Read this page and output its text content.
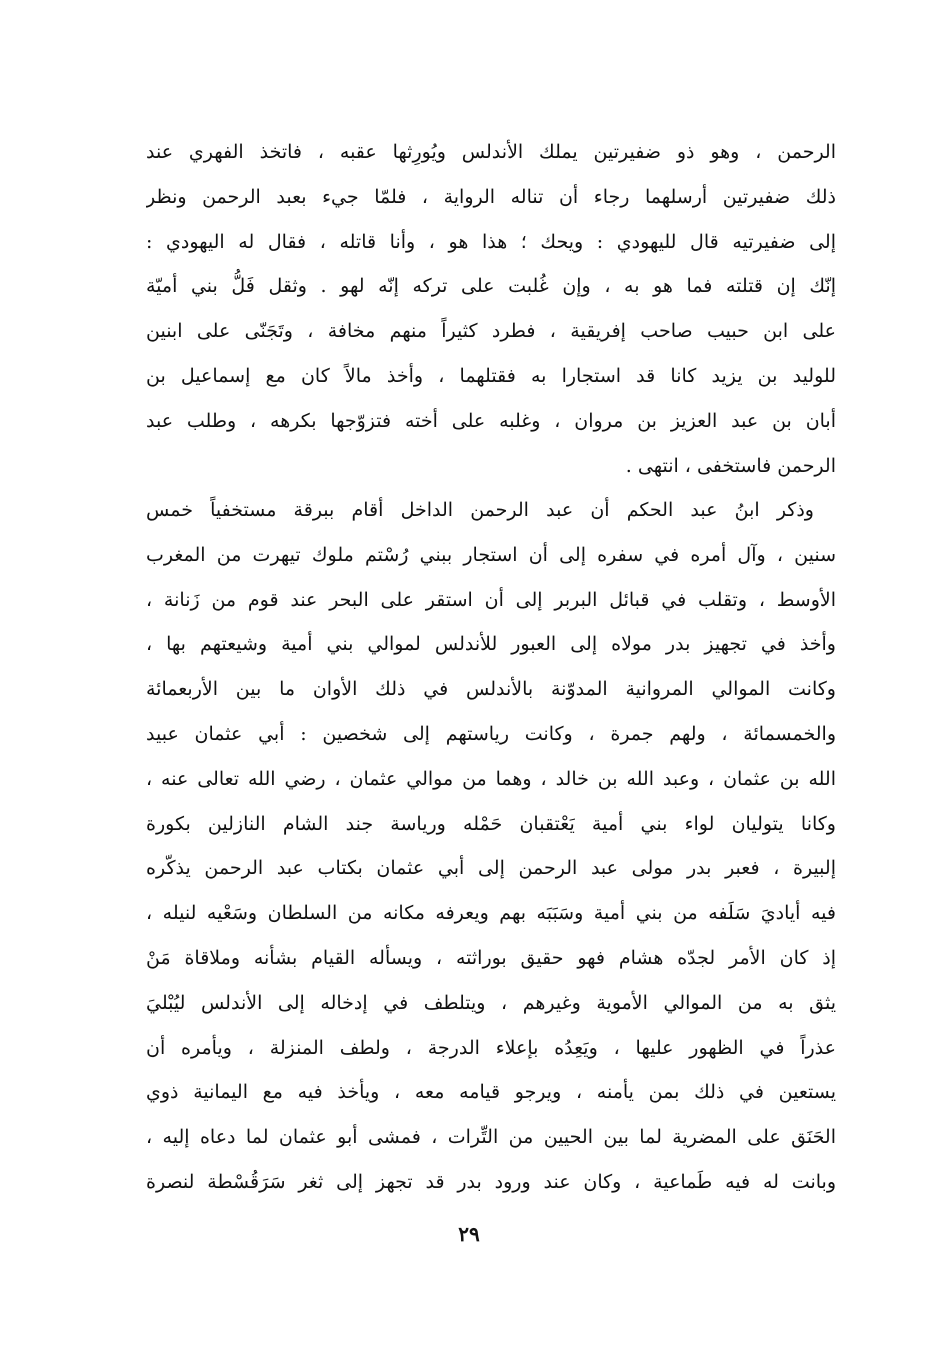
الرحمن ، وهو ذو ضفيرتين يملك الأندلس ويُورِثها عقبه ، فاتخذ الفهري عند
ذلك ضفيرتين أرسلهما رجاء أن تناله الرواية ، فلمّا جيء بعبد الرحمن ونظر
إلى ضفيرتيه قال لليهودي : ويحك ؛ هذا هو ، وأنا قاتله ، فقال له اليهودي :
إنّك إن قتلته فما هو به ، وإن غُلبت على تركه إنّه لهو . وثقل فَلُّ بني أميّة
على ابن حبيب صاحب إفريقية ، فطرد كثيراً منهم مخافة ، وتَجَنّى على ابنين
للوليد بن يزيد كانا قد استجارا به فقتلهما ، وأخذ مالاً كان مع إسماعيل بن
أبان بن عبد العزيز بن مروان ، وغلبه على أخته فتزوّجها بكرهه ، وطلب عبد
الرحمن فاستخفى ، انتهى .
وذكر ابنُ عبد الحكم أن عبد الرحمن الداخل أقام ببرقة مستخفياً خمس
سنين ، وآل أمره في سفره إلى أن استجار ببني رُسْتم ملوك تيهرت من المغرب
الأوسط ، وتقلب في قبائل البربر إلى أن استقر على البحر عند قوم من زَنانة ،
وأخذ في تجهيز بدر مولاه إلى العبور للأندلس لموالي بني أمية وشيعتهم بها ،
وكانت الموالي المروانية المدوّنة بالأندلس في ذلك الأوان ما بين الأربعمائة
والخمسمائة ، ولهم جمرة ، وكانت رياستهم إلى شخصين : أبي عثمان عبيد
الله بن عثمان ، وعبد الله بن خالد ، وهما من موالي عثمان ، رضي الله تعالى عنه ،
وكانا يتوليان لواء بني أمية يَعْتقبان حَمْله ورياسة جند الشام النازلين بكورة
إلبيرة ، فعبر بدر مولى عبد الرحمن إلى أبي عثمان بكتاب عبد الرحمن يذكّره
فيه أياديَ سَلَفه من بني أمية وسَبَبَه بهم ويعرفه مكانه من السلطان وسَعْيه لنيله ،
إذ كان الأمر لجدّه هشام فهو حقيق بوراثته ، ويسأله القيام بشأنه وملاقاة مَنْ
يثق به من الموالي الأموية وغيرهم ، ويتلطف في إدخاله إلى الأندلس ليُبْليَ
عذراً في الظهور عليها ، ويَعِدُه بإعلاء الدرجة ، ولطف المنزلة ، ويأمره أن
يستعين في ذلك بمن يأمنه ، ويرجو قيامه معه ، ويأخذ فيه مع اليمانية ذوي
الحَنَق على المضرية لما بين الحيين من التِّرات ، فمشى أبو عثمان لما دعاه إليه ،
وبانت له فيه طَماعية ، وكان عند ورود بدر قد تجهز إلى ثغر سَرَقُسْطة لنصرة
٢٩
